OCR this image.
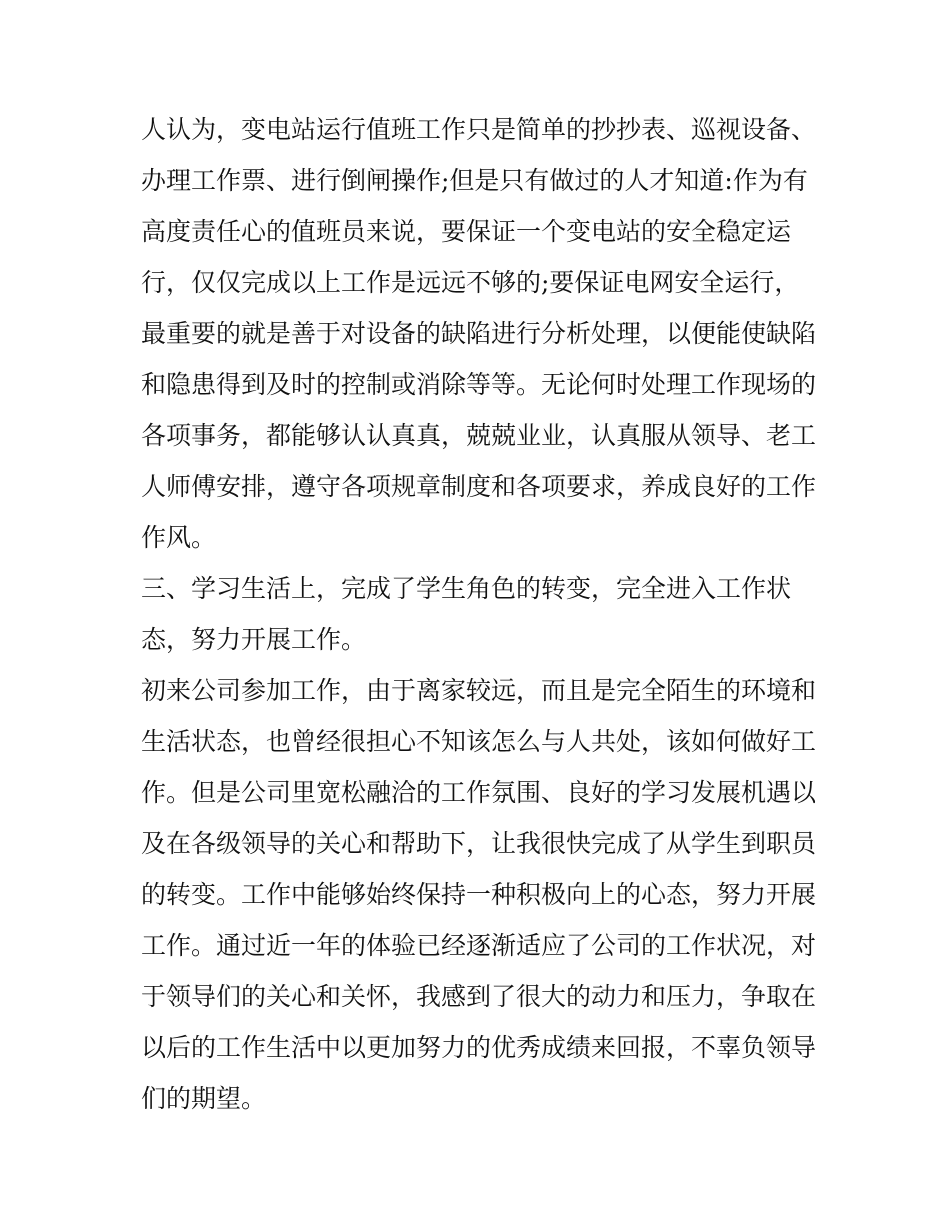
人认为，变电站运行值班工作只是简单的抄抄表、巡视设备、
办理工作票、进行倒闸操作;但是只有做过的人才知道:作为有
高度责任心的值班员来说，要保证一个变电站的安全稳定运
行，仅仅完成以上工作是远远不够的;要保证电网安全运行，
最重要的就是善于对设备的缺陷进行分析处理，以便能使缺陷
和隐患得到及时的控制或消除等等。无论何时处理工作现场的
各项事务，都能够认认真真，兢兢业业，认真服从领导、老工
人师傅安排，遵守各项规章制度和各项要求，养成良好的工作
作风。
三、学习生活上，完成了学生角色的转变，完全进入工作状
态，努力开展工作。
初来公司参加工作，由于离家较远，而且是完全陌生的环境和
生活状态，也曾经很担心不知该怎么与人共处，该如何做好工
作。但是公司里宽松融洽的工作氛围、良好的学习发展机遇以
及在各级领导的关心和帮助下，让我很快完成了从学生到职员
的转变。工作中能够始终保持一种积极向上的心态，努力开展
工作。通过近一年的体验已经逐渐适应了公司的工作状况，对
于领导们的关心和关怀，我感到了很大的动力和压力，争取在
以后的工作生活中以更加努力的优秀成绩来回报，不辜负领导
们的期望。
